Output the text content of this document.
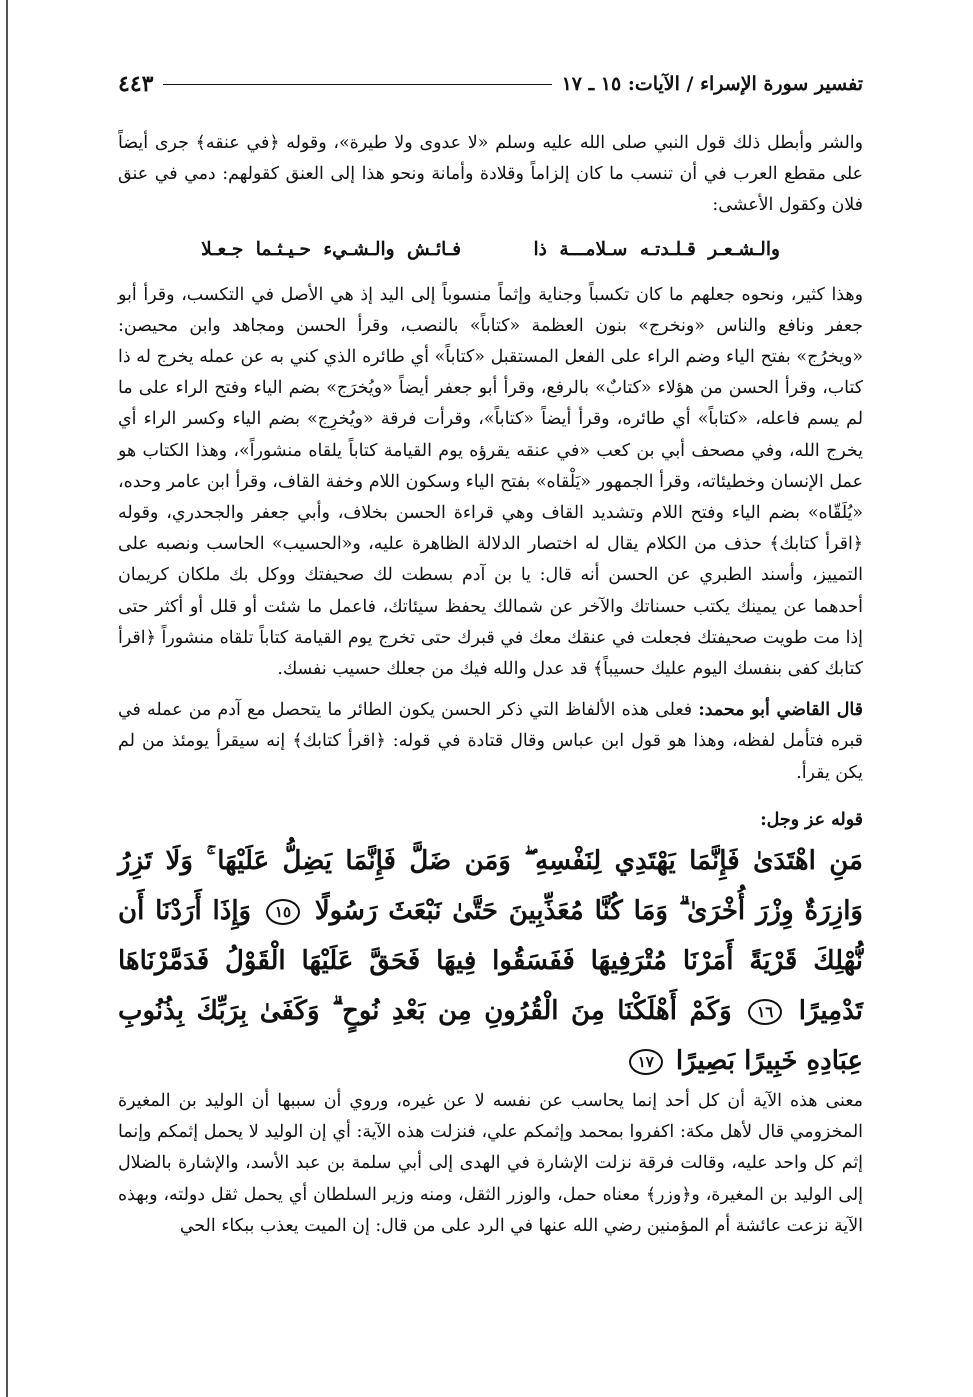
تفسير سورة الإسراء / الآيات: ١٥ ـ ١٧
٤٤٣

والشر وأبطل ذلك قول النبي صلى الله عليه وسلم «لا عدوى ولا طيرة»، وقوله ﴿في عنقه﴾ جرى أيضاً على مقطع العرب في أن تنسب ما كان إلزاماً وقلادة وأمانة ونحو هذا إلى العنق كقولهم: دمي في عنق فلان وكقول الأعشى:

والـشـعـر قـلـدتـه سـلامـــة ذا فـائـش والـشـيء حـيـثـما جـعـلا

وهذا كثير، ونحوه جعلهم ما كان تكسباً وجناية وإثماً منسوباً إلى اليد إذ هي الأصل في التكسب، وقرأ أبو جعفر ونافع والناس «ونخرج» بنون العظمة «كتاباً» بالنصب، وقرأ الحسن ومجاهد وابن محيصن: «ويخرُج» بفتح الياء وضم الراء على الفعل المستقبل «كتاباً» أي طائره الذي كني به عن عمله يخرج له ذا كتاب، وقرأ الحسن من هؤلاء «كتابٌ» بالرفع، وقرأ أبو جعفر أيضاً «ويُخرَج» بضم الياء وفتح الراء على ما لم يسم فاعله، «كتاباً» أي طائره، وقرأ أيضاً «كتاباً»، وقرأت فرقة «ويُخرِج» بضم الياء وكسر الراء أي يخرج الله، وفي مصحف أبي بن كعب «في عنقه يقرؤه يوم القيامة كتاباً يلقاه منشوراً»، وهذا الكتاب هو عمل الإنسان وخطيئاته، وقرأ الجمهور «يَلْقاه» بفتح الياء وسكون اللام وخفة القاف، وقرأ ابن عامر وحده، «يُلَقّاه» بضم الياء وفتح اللام وتشديد القاف وهي قراءة الحسن بخلاف، وأبي جعفر والجحدري، وقوله ﴿اقرأ كتابك﴾ حذف من الكلام يقال له اختصار الدلالة الظاهرة عليه، و«الحسيب» الحاسب ونصبه على التمييز، وأسند الطبري عن الحسن أنه قال: يا بن آدم بسطت لك صحيفتك ووكل بك ملكان كريمان أحدهما عن يمينك يكتب حسناتك والآخر عن شمالك يحفظ سيئاتك، فاعمل ما شئت أو قلل أو أكثر حتى إذا مت طويت صحيفتك فجعلت في عنقك معك في قبرك حتى تخرج يوم القيامة كتاباً تلقاه منشوراً ﴿اقرأ كتابك كفى بنفسك اليوم عليك حسيباً﴾ قد عدل والله فيك من جعلك حسيب نفسك.

قال القاضي أبو محمد: فعلى هذه الألفاظ التي ذكر الحسن يكون الطائر ما يتحصل مع آدم من عمله في قبره فتأمل لفظه، وهذا هو قول ابن عباس وقال قتادة في قوله: ﴿اقرأ كتابك﴾ إنه سيقرأ يومئذ من لم يكن يقرأ.

قوله عز وجل:

مَنِ اهْتَدَىٰ فَإِنَّمَا يَهْتَدِي لِنَفْسِهِ ۖ وَمَن ضَلَّ فَإِنَّمَا يَضِلُّ عَلَيْهَا ۚ وَلَا تَزِرُ وَازِرَةٌ وِزْرَ أُخْرَىٰ ۗ وَمَا كُنَّا مُعَذِّبِينَ حَتَّىٰ نَبْعَثَ رَسُولًا ١٥ وَإِذَا أَرَدْنَا أَن نُّهْلِكَ قَرْيَةً أَمَرْنَا مُتْرَفِيهَا فَفَسَقُوا فِيهَا فَحَقَّ عَلَيْهَا الْقَوْلُ فَدَمَّرْنَاهَا تَدْمِيرًا ١٦ وَكَمْ أَهْلَكْنَا مِنَ الْقُرُونِ مِن بَعْدِ نُوحٍ ۗ وَكَفَىٰ بِرَبِّكَ بِذُنُوبِ عِبَادِهِ خَبِيرًا بَصِيرًا ١٧

معنى هذه الآية أن كل أحد إنما يحاسب عن نفسه لا عن غيره، وروي أن سببها أن الوليد بن المغيرة المخزومي قال لأهل مكة: اكفروا بمحمد وإثمكم علي، فنزلت هذه الآية: أي إن الوليد لا يحمل إثمكم وإنما إثم كل واحد عليه، وقالت فرقة نزلت الإشارة في الهدى إلى أبي سلمة بن عبد الأسد، والإشارة بالضلال إلى الوليد بن المغيرة، و﴿وزر﴾ معناه حمل، والوزر الثقل، ومنه وزير السلطان أي يحمل ثقل دولته، وبهذه الآية نزعت عائشة أم المؤمنين رضي الله عنها في الرد على من قال: إن الميت يعذب ببكاء الحي
